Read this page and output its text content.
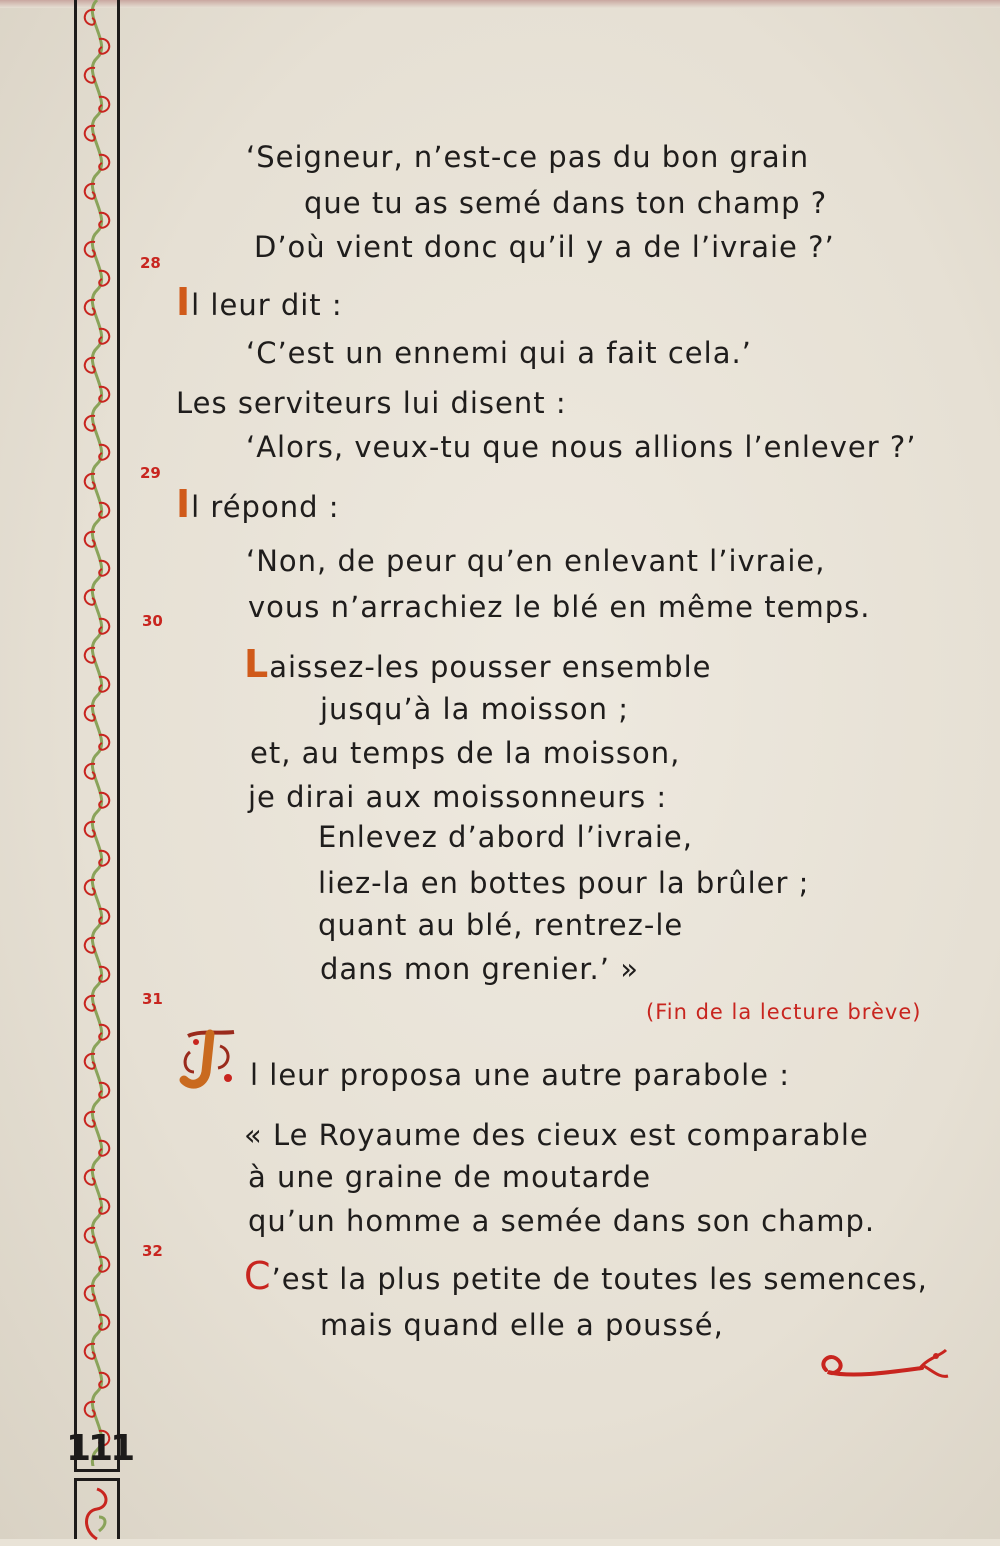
111
28
29
30
31
32
‘Seigneur, n’est-ce pas du bon grain
que tu as semé dans ton champ ?
D’où vient donc qu’il y a de l’ivraie ?’
Il leur dit :
‘C’est un ennemi qui a fait cela.’
Les serviteurs lui disent :
‘Alors, veux-tu que nous allions l’enlever ?’
Il répond :
‘Non, de peur qu’en enlevant l’ivraie,
vous n’arrachiez le blé en même temps.
Laissez-les pousser ensemble
jusqu’à la moisson ;
et, au temps de la moisson,
je dirai aux moissonneurs :
Enlevez d’abord l’ivraie,
liez-la en bottes pour la brûler ;
quant au blé, rentrez-le
dans mon grenier.’ »
(Fin de la lecture brève)
l leur proposa une autre parabole :
« Le Royaume des cieux est comparable
à une graine de moutarde
qu’un homme a semée dans son champ.
C’est la plus petite de toutes les semences,
mais quand elle a poussé,
